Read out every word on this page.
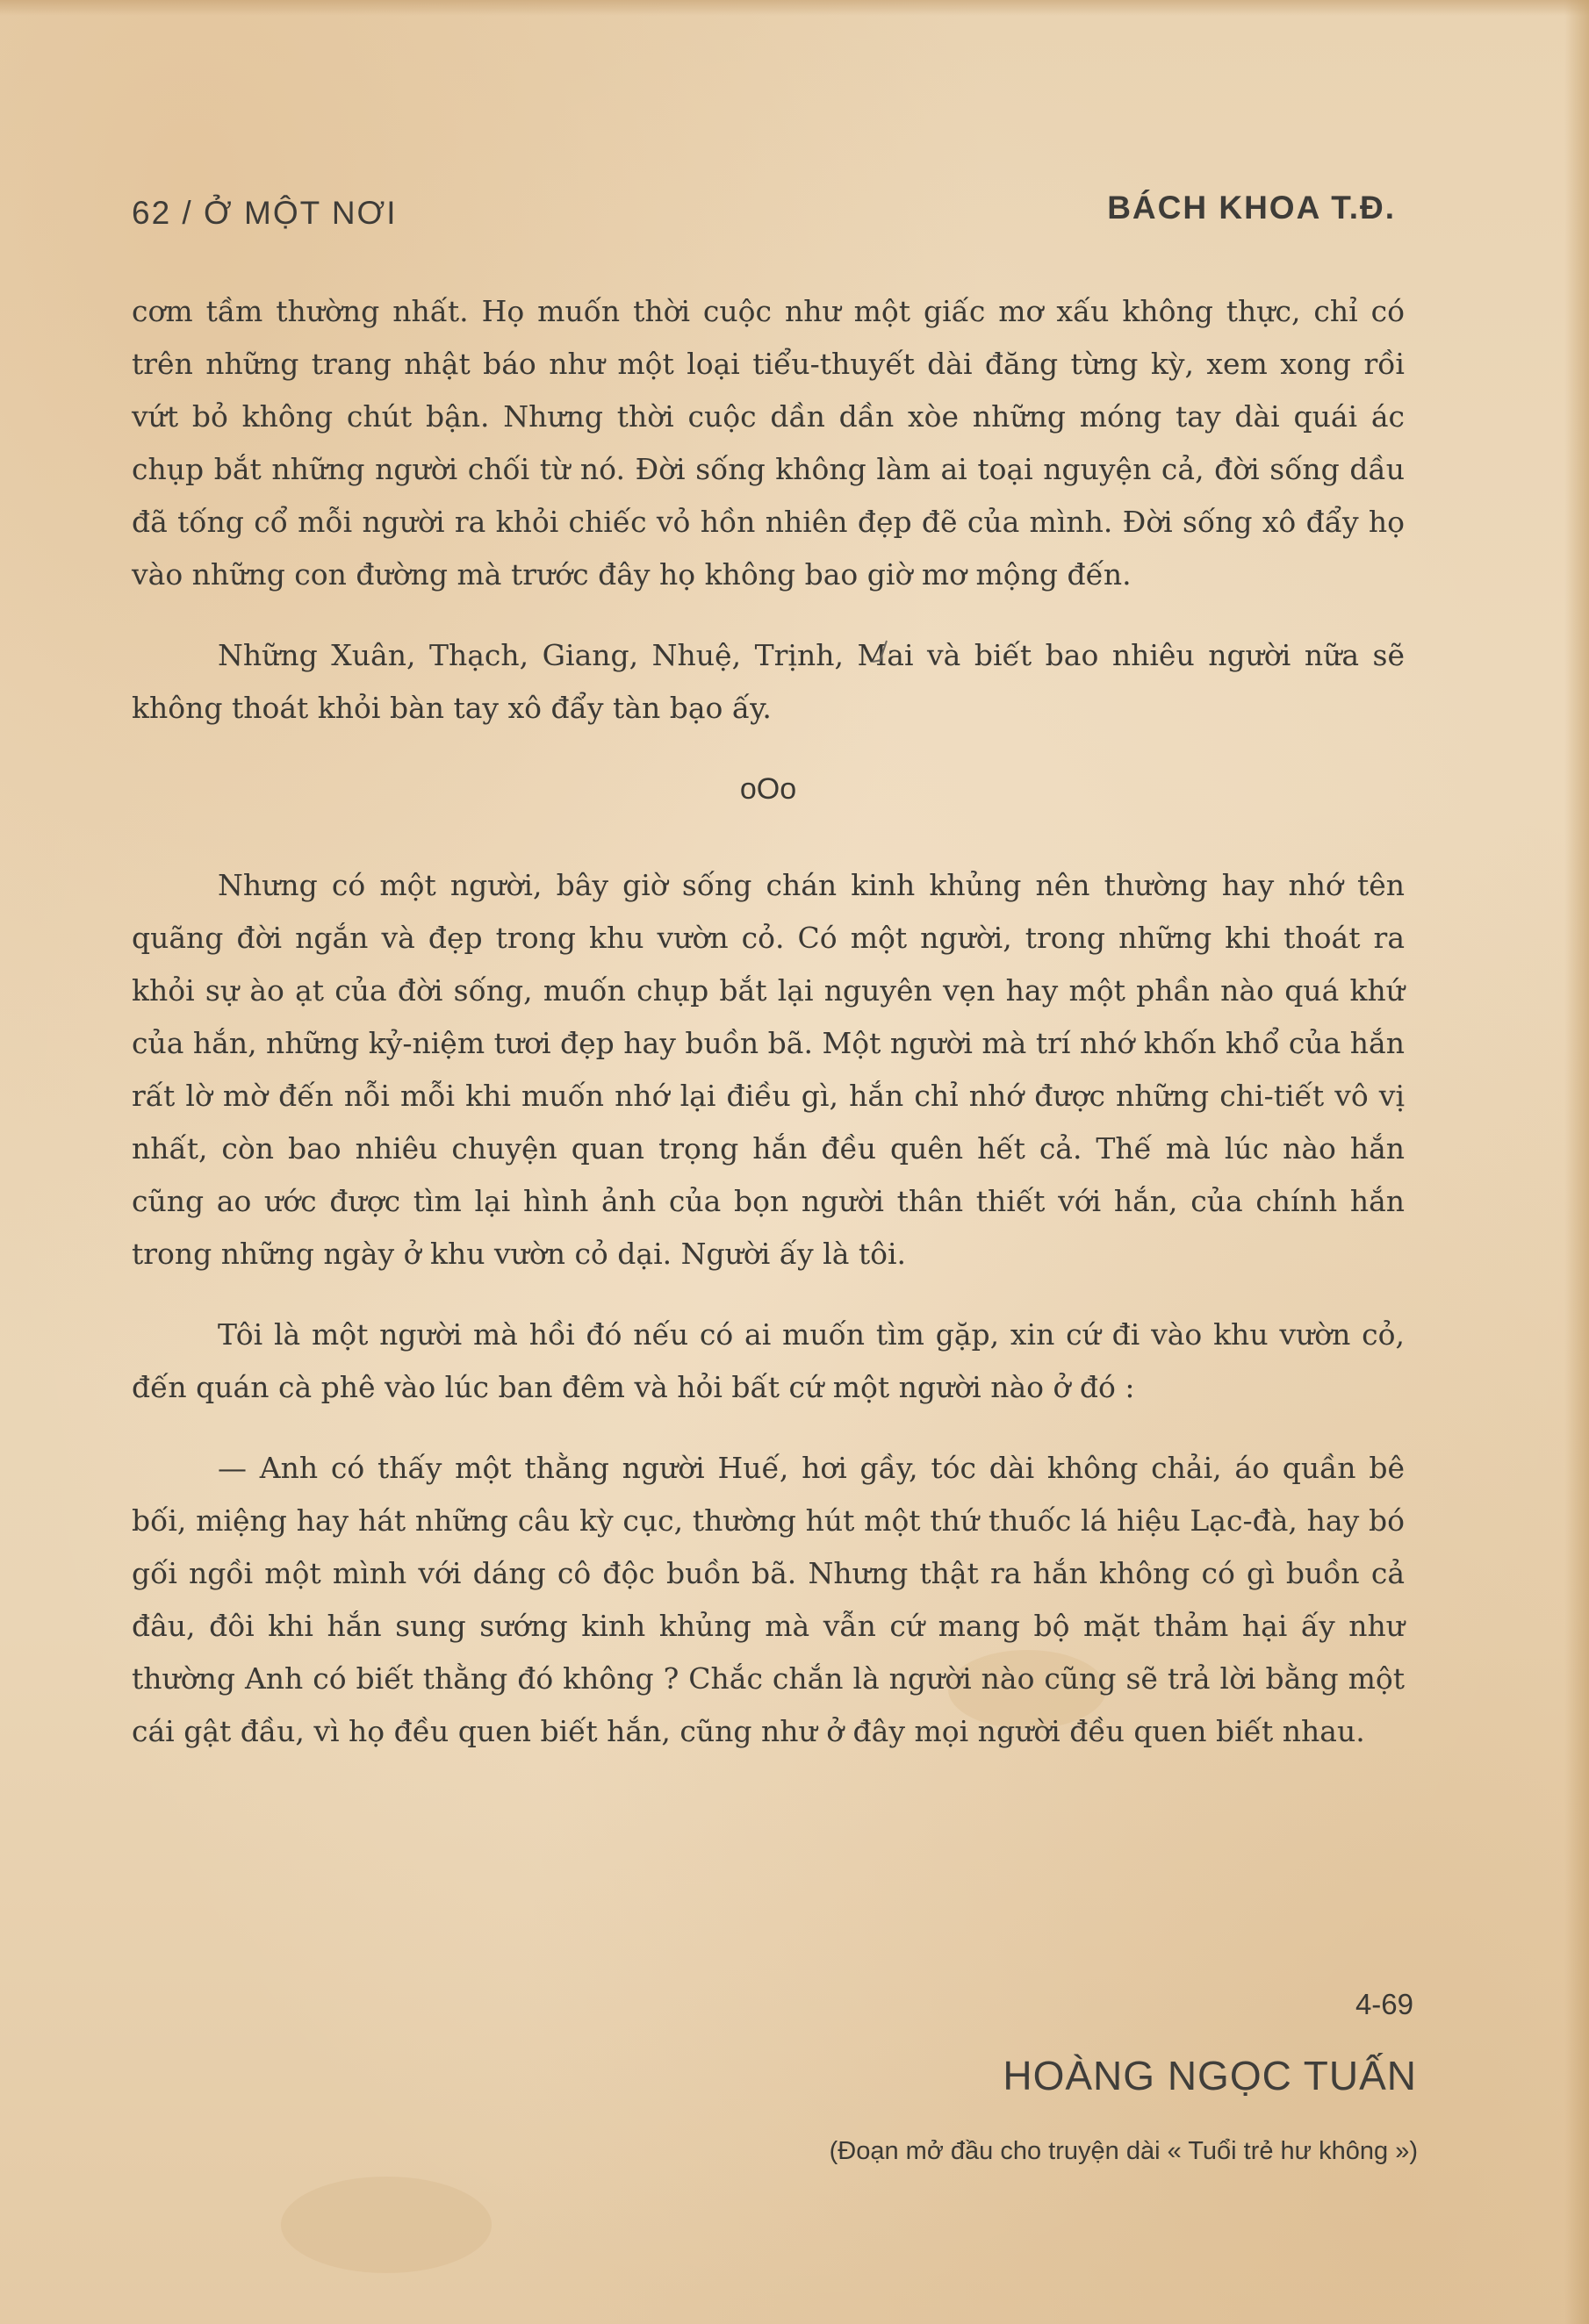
62 / Ở MỘT NƠI	BÁCH KHOA T.Đ.

cơm tầm thường nhất. Họ muốn thời cuộc như một giấc mơ xấu không thực, chỉ có trên những trang nhật báo như một loại tiểu-thuyết dài đăng từng kỳ, xem xong rồi vứt bỏ không chút bận. Nhưng thời cuộc dần dần xòe những móng tay dài quái ác chụp bắt những người chối từ nó. Đời sống không làm ai toại nguyện cả, đời sống dầu đã tống cổ mỗi người ra khỏi chiếc vỏ hồn nhiên đẹp đẽ của mình. Đời sống xô đẩy họ vào những con đường mà trước đây họ không bao giờ mơ mộng đến.

Những Xuân, Thạch, Giang, Nhuệ, Trịnh, Mai và biết bao nhiêu người nữa sẽ không thoát khỏi bàn tay xô đẩy tàn bạo ấy.

oOo

Nhưng có một người, bây giờ sống chán kinh khủng nên thường hay nhớ tên quãng đời ngắn và đẹp trong khu vườn cỏ. Có một người, trong những khi thoát ra khỏi sự ào ạt của đời sống, muốn chụp bắt lại nguyên vẹn hay một phần nào quá khứ của hắn, những kỷ-niệm tươi đẹp hay buồn bã. Một người mà trí nhớ khốn khổ của hắn rất lờ mờ đến nỗi mỗi khi muốn nhớ lại điều gì, hắn chỉ nhớ được những chi-tiết vô vị nhất, còn bao nhiêu chuyện quan trọng hắn đều quên hết cả. Thế mà lúc nào hắn cũng ao ước được tìm lại hình ảnh của bọn người thân thiết với hắn, của chính hắn trong những ngày ở khu vườn cỏ dại. Người ấy là tôi.

Tôi là một người mà hồi đó nếu có ai muốn tìm gặp, xin cứ đi vào khu vườn cỏ, đến quán cà phê vào lúc ban đêm và hỏi bất cứ một người nào ở đó :

— Anh có thấy một thằng người Huế, hơi gầy, tóc dài không chải, áo quần bê bối, miệng hay hát những câu kỳ cục, thường hút một thứ thuốc lá hiệu Lạc-đà, hay bó gối ngồi một mình với dáng cô độc buồn bã. Nhưng thật ra hắn không có gì buồn cả đâu, đôi khi hắn sung sướng kinh khủng mà vẫn cứ mang bộ mặt thảm hại ấy như thường Anh có biết thằng đó không ? Chắc chắn là người nào cũng sẽ trả lời bằng một cái gật đầu, vì họ đều quen biết hắn, cũng như ở đây mọi người đều quen biết nhau.

4-69
HOÀNG NGỌC TUẤN
(Đoạn mở đầu cho truyện dài « Tuổi trẻ hư không »)
